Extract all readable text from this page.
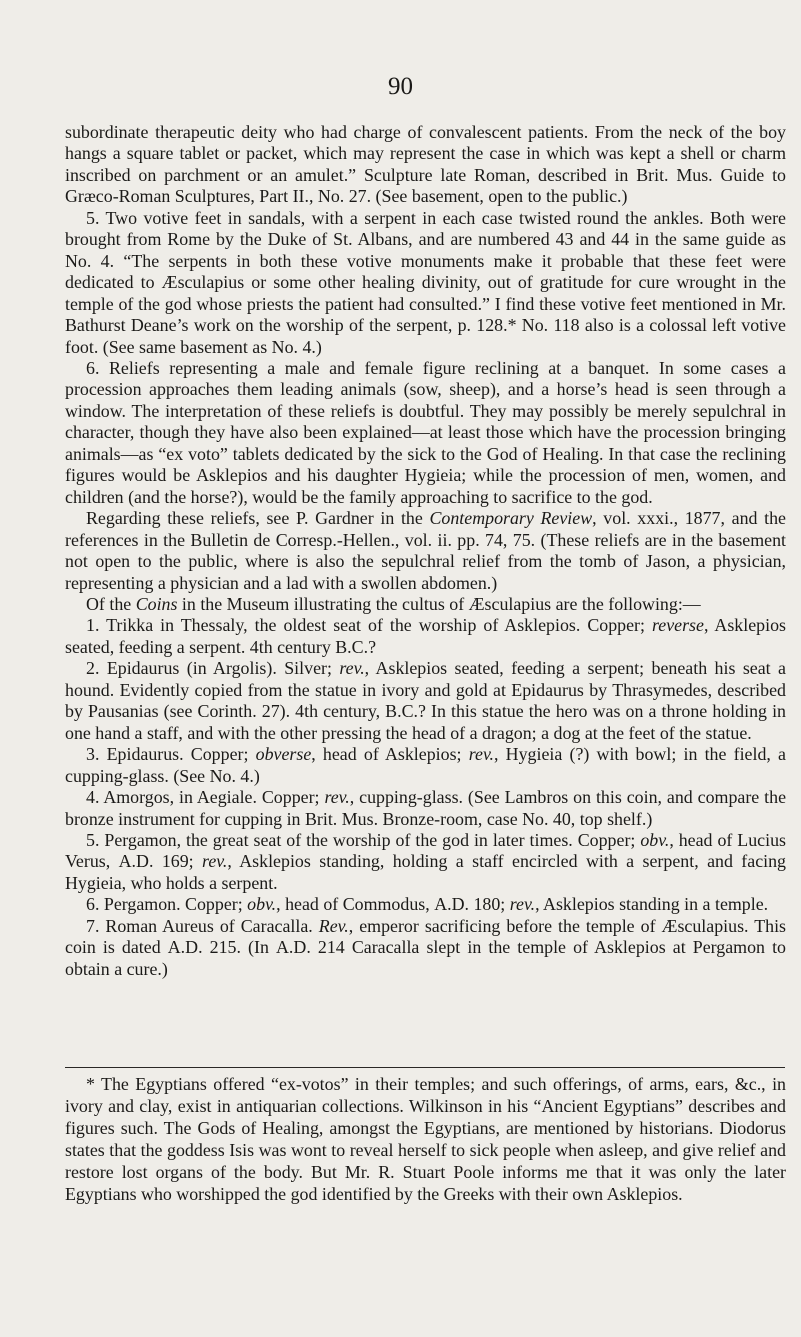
90

subordinate therapeutic deity who had charge of convalescent patients. From the neck of the boy hangs a square tablet or packet, which may represent the case in which was kept a shell or charm inscribed on parchment or an amulet.” Sculpture late Roman, described in Brit. Mus. Guide to Græco-Roman Sculptures, Part II., No. 27. (See basement, open to the public.)

5. Two votive feet in sandals, with a serpent in each case twisted round the ankles. Both were brought from Rome by the Duke of St. Albans, and are numbered 43 and 44 in the same guide as No. 4. “The serpents in both these votive monuments make it probable that these feet were dedicated to Æsculapius or some other healing divinity, out of gratitude for cure wrought in the temple of the god whose priests the patient had consulted.” I find these votive feet mentioned in Mr. Bathurst Deane’s work on the worship of the serpent, p. 128.* No. 118 also is a colossal left votive foot. (See same basement as No. 4.)

6. Reliefs representing a male and female figure reclining at a banquet. In some cases a procession approaches them leading animals (sow, sheep), and a horse’s head is seen through a window. The interpretation of these reliefs is doubtful. They may possibly be merely sepulchral in character, though they have also been explained—at least those which have the procession bringing animals—as “ex voto” tablets dedicated by the sick to the God of Healing. In that case the reclining figures would be Asklepios and his daughter Hygieia; while the procession of men, women, and children (and the horse?), would be the family approaching to sacrifice to the god.

Regarding these reliefs, see P. Gardner in the Contemporary Review, vol. xxxi., 1877, and the references in the Bulletin de Corresp.-Hellen., vol. ii. pp. 74, 75. (These reliefs are in the basement not open to the public, where is also the sepulchral relief from the tomb of Jason, a physician, representing a physician and a lad with a swollen abdomen.)

Of the Coins in the Museum illustrating the cultus of Æsculapius are the following:—

1. Trikka in Thessaly, the oldest seat of the worship of Asklepios. Copper; reverse, Asklepios seated, feeding a serpent. 4th century B.C.?

2. Epidaurus (in Argolis). Silver; rev., Asklepios seated, feeding a serpent; beneath his seat a hound. Evidently copied from the statue in ivory and gold at Epidaurus by Thrasymedes, described by Pausanias (see Corinth. 27). 4th century, B.C.? In this statue the hero was on a throne holding in one hand a staff, and with the other pressing the head of a dragon; a dog at the feet of the statue.

3. Epidaurus. Copper; obverse, head of Asklepios; rev., Hygieia (?) with bowl; in the field, a cupping-glass. (See No. 4.)

4. Amorgos, in Aegiale. Copper; rev., cupping-glass. (See Lambros on this coin, and compare the bronze instrument for cupping in Brit. Mus. Bronze-room, case No. 40, top shelf.)

5. Pergamon, the great seat of the worship of the god in later times. Copper; obv., head of Lucius Verus, A.D. 169; rev., Asklepios standing, holding a staff encircled with a serpent, and facing Hygieia, who holds a serpent.

6. Pergamon. Copper; obv., head of Commodus, A.D. 180; rev., Asklepios standing in a temple.

7. Roman Aureus of Caracalla. Rev., emperor sacrificing before the temple of Æsculapius. This coin is dated A.D. 215. (In A.D. 214 Caracalla slept in the temple of Asklepios at Pergamon to obtain a cure.)

* The Egyptians offered “ex-votos” in their temples; and such offerings, of arms, ears, &c., in ivory and clay, exist in antiquarian collections. Wilkinson in his “Ancient Egyptians” describes and figures such. The Gods of Healing, amongst the Egyptians, are mentioned by historians. Diodorus states that the goddess Isis was wont to reveal herself to sick people when asleep, and give relief and restore lost organs of the body. But Mr. R. Stuart Poole informs me that it was only the later Egyptians who worshipped the god identified by the Greeks with their own Asklepios.
